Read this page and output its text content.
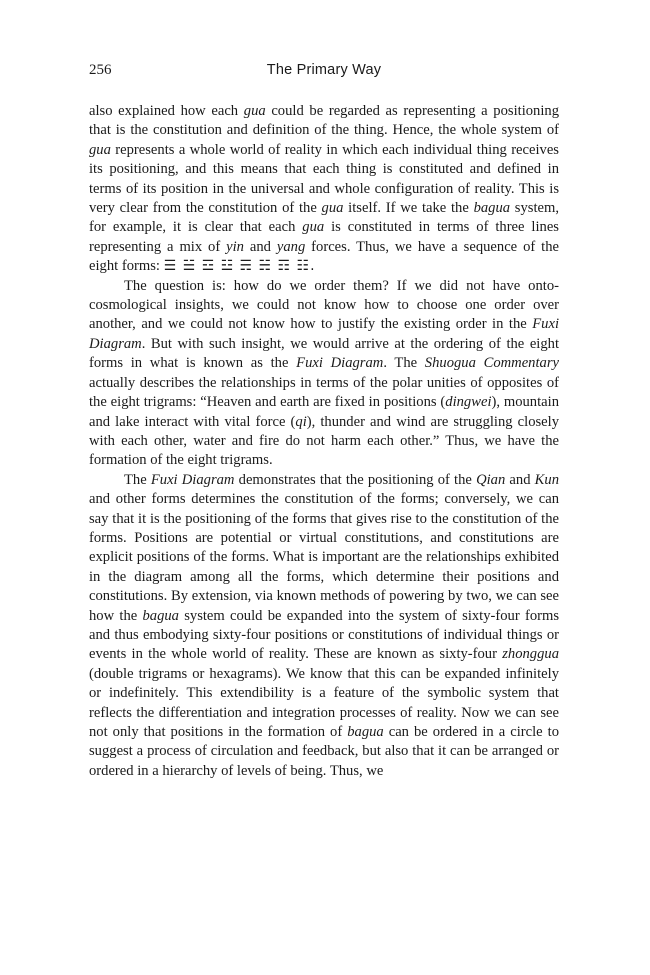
256	The Primary Way

also explained how each gua could be regarded as representing a positioning that is the constitution and definition of the thing. Hence, the whole system of gua represents a whole world of reality in which each individual thing receives its positioning, and this means that each thing is constituted and defined in terms of its position in the universal and whole configuration of reality. This is very clear from the constitution of the gua itself. If we take the bagua system, for example, it is clear that each gua is constituted in terms of three lines representing a mix of yin and yang forces. Thus, we have a sequence of the eight forms: ☰ ☱ ☲ ☳ ☴ ☵ ☶ ☷.

The question is: how do we order them? If we did not have onto-cosmological insights, we could not know how to choose one order over another, and we could not know how to justify the existing order in the Fuxi Diagram. But with such insight, we would arrive at the ordering of the eight forms in what is known as the Fuxi Diagram. The Shuogua Commentary actually describes the relationships in terms of the polar unities of opposites of the eight trigrams: “Heaven and earth are fixed in positions (dingwei), mountain and lake interact with vital force (qi), thunder and wind are struggling closely with each other, water and fire do not harm each other.” Thus, we have the formation of the eight trigrams.

The Fuxi Diagram demonstrates that the positioning of the Qian and Kun and other forms determines the constitution of the forms; conversely, we can say that it is the positioning of the forms that gives rise to the constitution of the forms. Positions are potential or virtual constitutions, and constitutions are explicit positions of the forms. What is important are the relationships exhibited in the diagram among all the forms, which determine their positions and constitutions. By extension, via known methods of powering by two, we can see how the bagua system could be expanded into the system of sixty-four forms and thus embodying sixty-four positions or constitutions of individual things or events in the whole world of reality. These are known as sixty-four zhonggua (double trigrams or hexagrams). We know that this can be expanded infinitely or indefinitely. This extendibility is a feature of the symbolic system that reflects the differentiation and integration processes of reality. Now we can see not only that positions in the formation of bagua can be ordered in a circle to suggest a process of circulation and feedback, but also that it can be arranged or ordered in a hierarchy of levels of being. Thus, we
